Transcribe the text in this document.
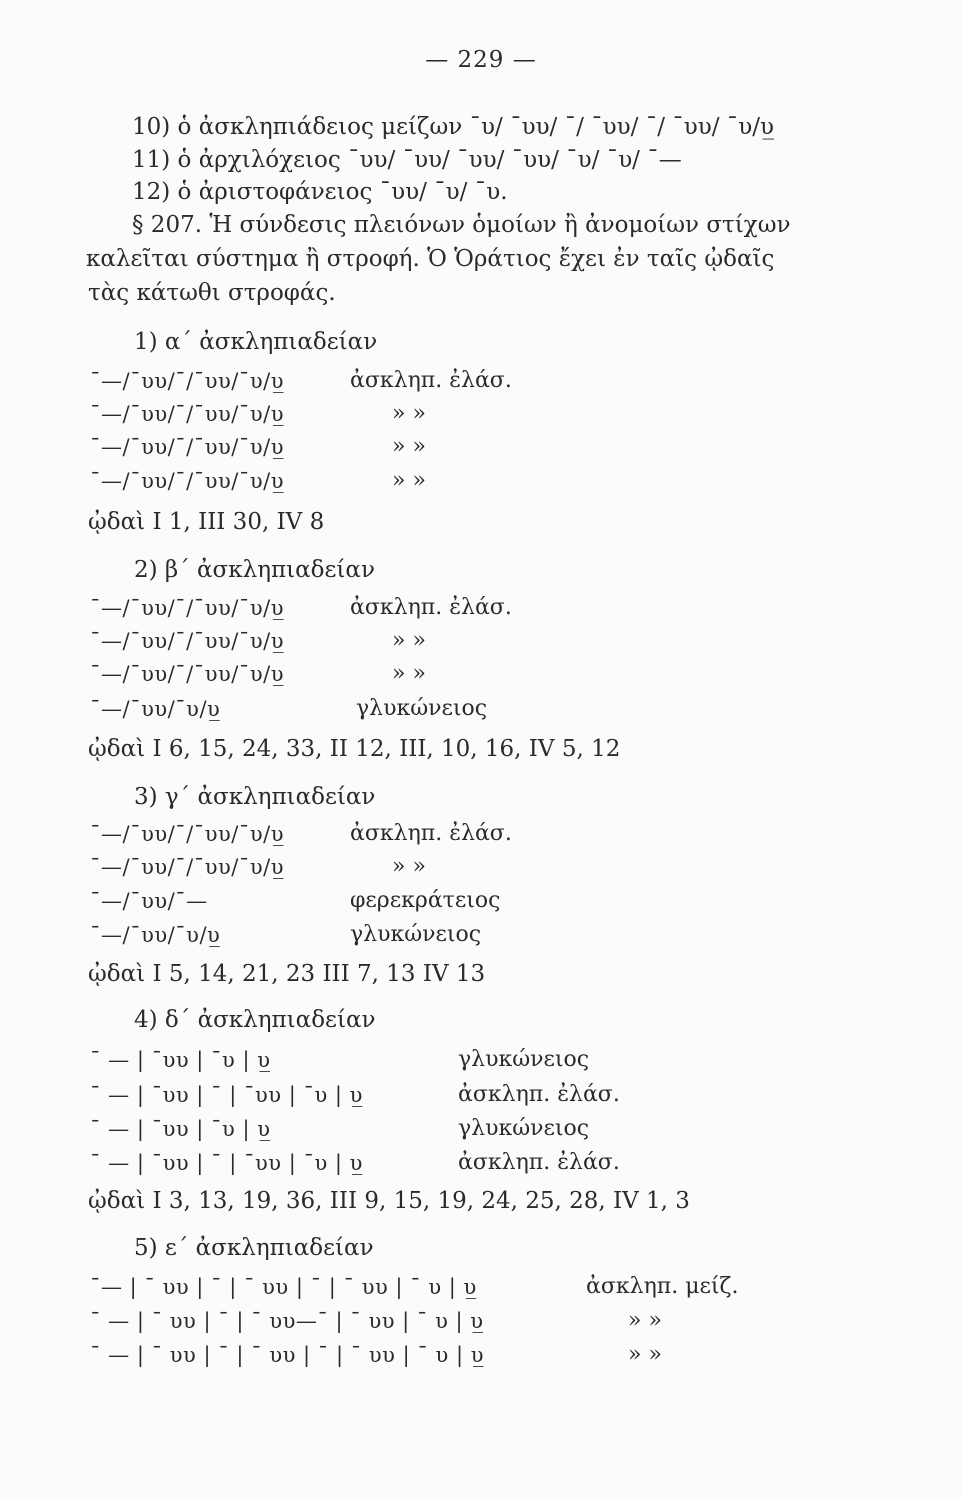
— 229 —
10) ὁ ἀσκληπιάδειος μείζων ˉυ/ ˉυυ/ ˉ/ ˉυυ/ ˉ/ ˉυυ/ ˉυ/υ̲
11) ὁ ἀρχιλόχειος ˉυυ/ ˉυυ/ ˉυυ/ ˉυυ/ ˉυ/ ˉυ/ ˉ—
12) ὁ ἀριστοφάνειος ˉυυ/ ˉυ/ ˉυ.
§ 207. Ἡ σύνδεσις πλειόνων ὁμοίων ἢ ἀνομοίων στίχων
καλεῖται σύστημα ἢ στροφή. Ὁ Ὁράτιος ἔχει ἐν ταῖς ᾠδαῖς
τὰς κάτωθι στροφάς.
1) α΄ ἀσκληπιαδείαν
ˉ—/ˉυυ/ˉ/ˉυυ/ˉυ/υ̲	ἀσκληπ. ἐλάσ.
ˉ—/ˉυυ/ˉ/ˉυυ/ˉυ/υ̲	» »
ˉ—/ˉυυ/ˉ/ˉυυ/ˉυ/υ̲	» »
ˉ—/ˉυυ/ˉ/ˉυυ/ˉυ/υ̲	» »
ᾠδαὶ I 1, III 30, IV 8
2) β΄ ἀσκληπιαδείαν
ˉ—/ˉυυ/ˉ/ˉυυ/ˉυ/υ̲	ἀσκληπ. ἐλάσ.
ˉ—/ˉυυ/ˉ/ˉυυ/ˉυ/υ̲	» »
ˉ—/ˉυυ/ˉ/ˉυυ/ˉυ/υ̲	» »
ˉ—/ˉυυ/ˉυ/υ̲	γλυκώνειος
ᾠδαὶ I 6, 15, 24, 33, II 12, III, 10, 16, IV 5, 12
3) γ΄ ἀσκληπιαδείαν
ˉ—/ˉυυ/ˉ/ˉυυ/ˉυ/υ̲	ἀσκληπ. ἐλάσ.
ˉ—/ˉυυ/ˉ/ˉυυ/ˉυ/υ̲	» »
ˉ—/ˉυυ/ˉ—	φερεκράτειος
ˉ—/ˉυυ/ˉυ/υ̲	γλυκώνειος
ᾠδαὶ I 5, 14, 21, 23 III 7, 13 IV 13
4) δ΄ ἀσκληπιαδείαν
ˉ — | ˉυυ | ˉυ | υ̲	γλυκώνειος
ˉ — | ˉυυ | ˉ | ˉυυ | ˉυ | υ̲	ἀσκληπ. ἐλάσ.
ˉ — | ˉυυ | ˉυ | υ̲	γλυκώνειος
ˉ — | ˉυυ | ˉ | ˉυυ | ˉυ | υ̲	ἀσκληπ. ἐλάσ.
ᾠδαὶ I 3, 13, 19, 36, III 9, 15, 19, 24, 25, 28, IV 1, 3
5) ε΄ ἀσκληπιαδείαν
ˉ— | ˉ υυ | ˉ | ˉ υυ | ˉ | ˉ υυ | ˉ υ | υ̲	ἀσκληπ. μείζ.
ˉ — | ˉ υυ | ˉ | ˉ υυ—ˉ | ˉ υυ | ˉ υ | υ̲	» »
ˉ — | ˉ υυ | ˉ | ˉ υυ | ˉ | ˉ υυ | ˉ υ | υ̲	» »
